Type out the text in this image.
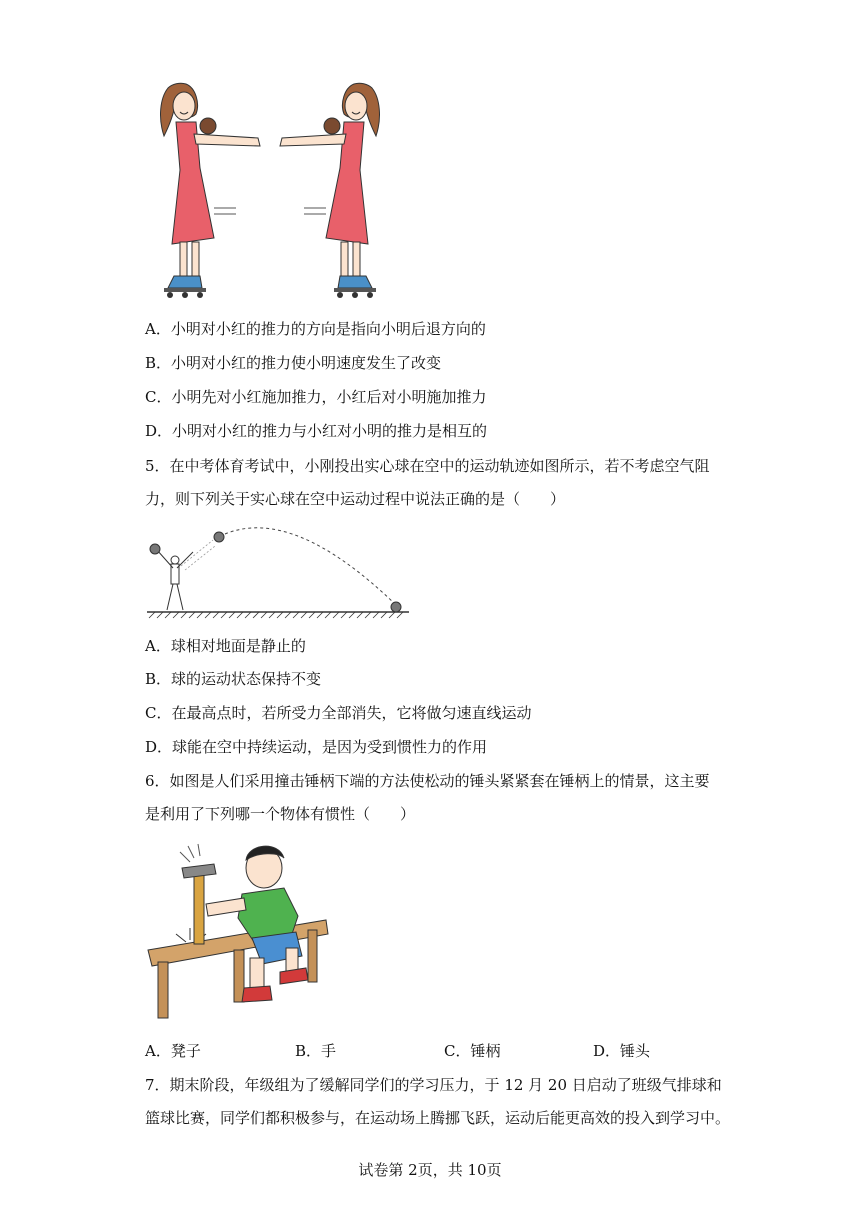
A．小明对小红的推力的方向是指向小明后退方向的
B．小明对小红的推力使小明速度发生了改变
C．小明先对小红施加推力，小红后对小明施加推力
D．小明对小红的推力与小红对小明的推力是相互的
5．在中考体育考试中，小刚投出实心球在空中的运动轨迹如图所示，若不考虑空气阻
力，则下列关于实心球在空中运动过程中说法正确的是（　　）
A．球相对地面是静止的
B．球的运动状态保持不变
C．在最高点时，若所受力全部消失，它将做匀速直线运动
D．球能在空中持续运动，是因为受到惯性力的作用
6．如图是人们采用撞击锤柄下端的方法使松动的锤头紧紧套在锤柄上的情景，这主要
是利用了下列哪一个物体有惯性（　　）
A．凳子	B．手	C．锤柄	D．锤头
7．期末阶段，年级组为了缓解同学们的学习压力，于 12 月 20 日启动了班级气排球和
篮球比赛，同学们都积极参与，在运动场上腾挪飞跃，运动后能更高效的投入到学习中。
试卷第 2页，共 10页
